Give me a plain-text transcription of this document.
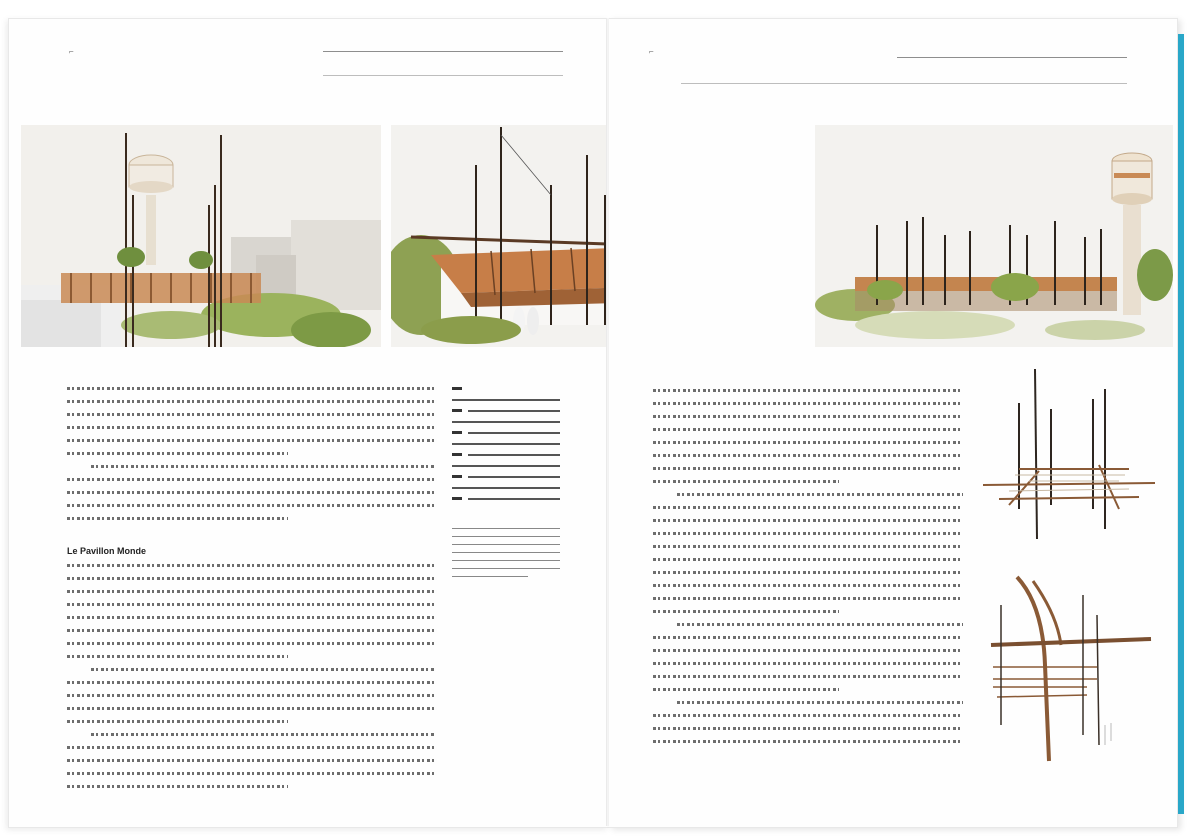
⌐
Le Pavillon Monde
⌐
